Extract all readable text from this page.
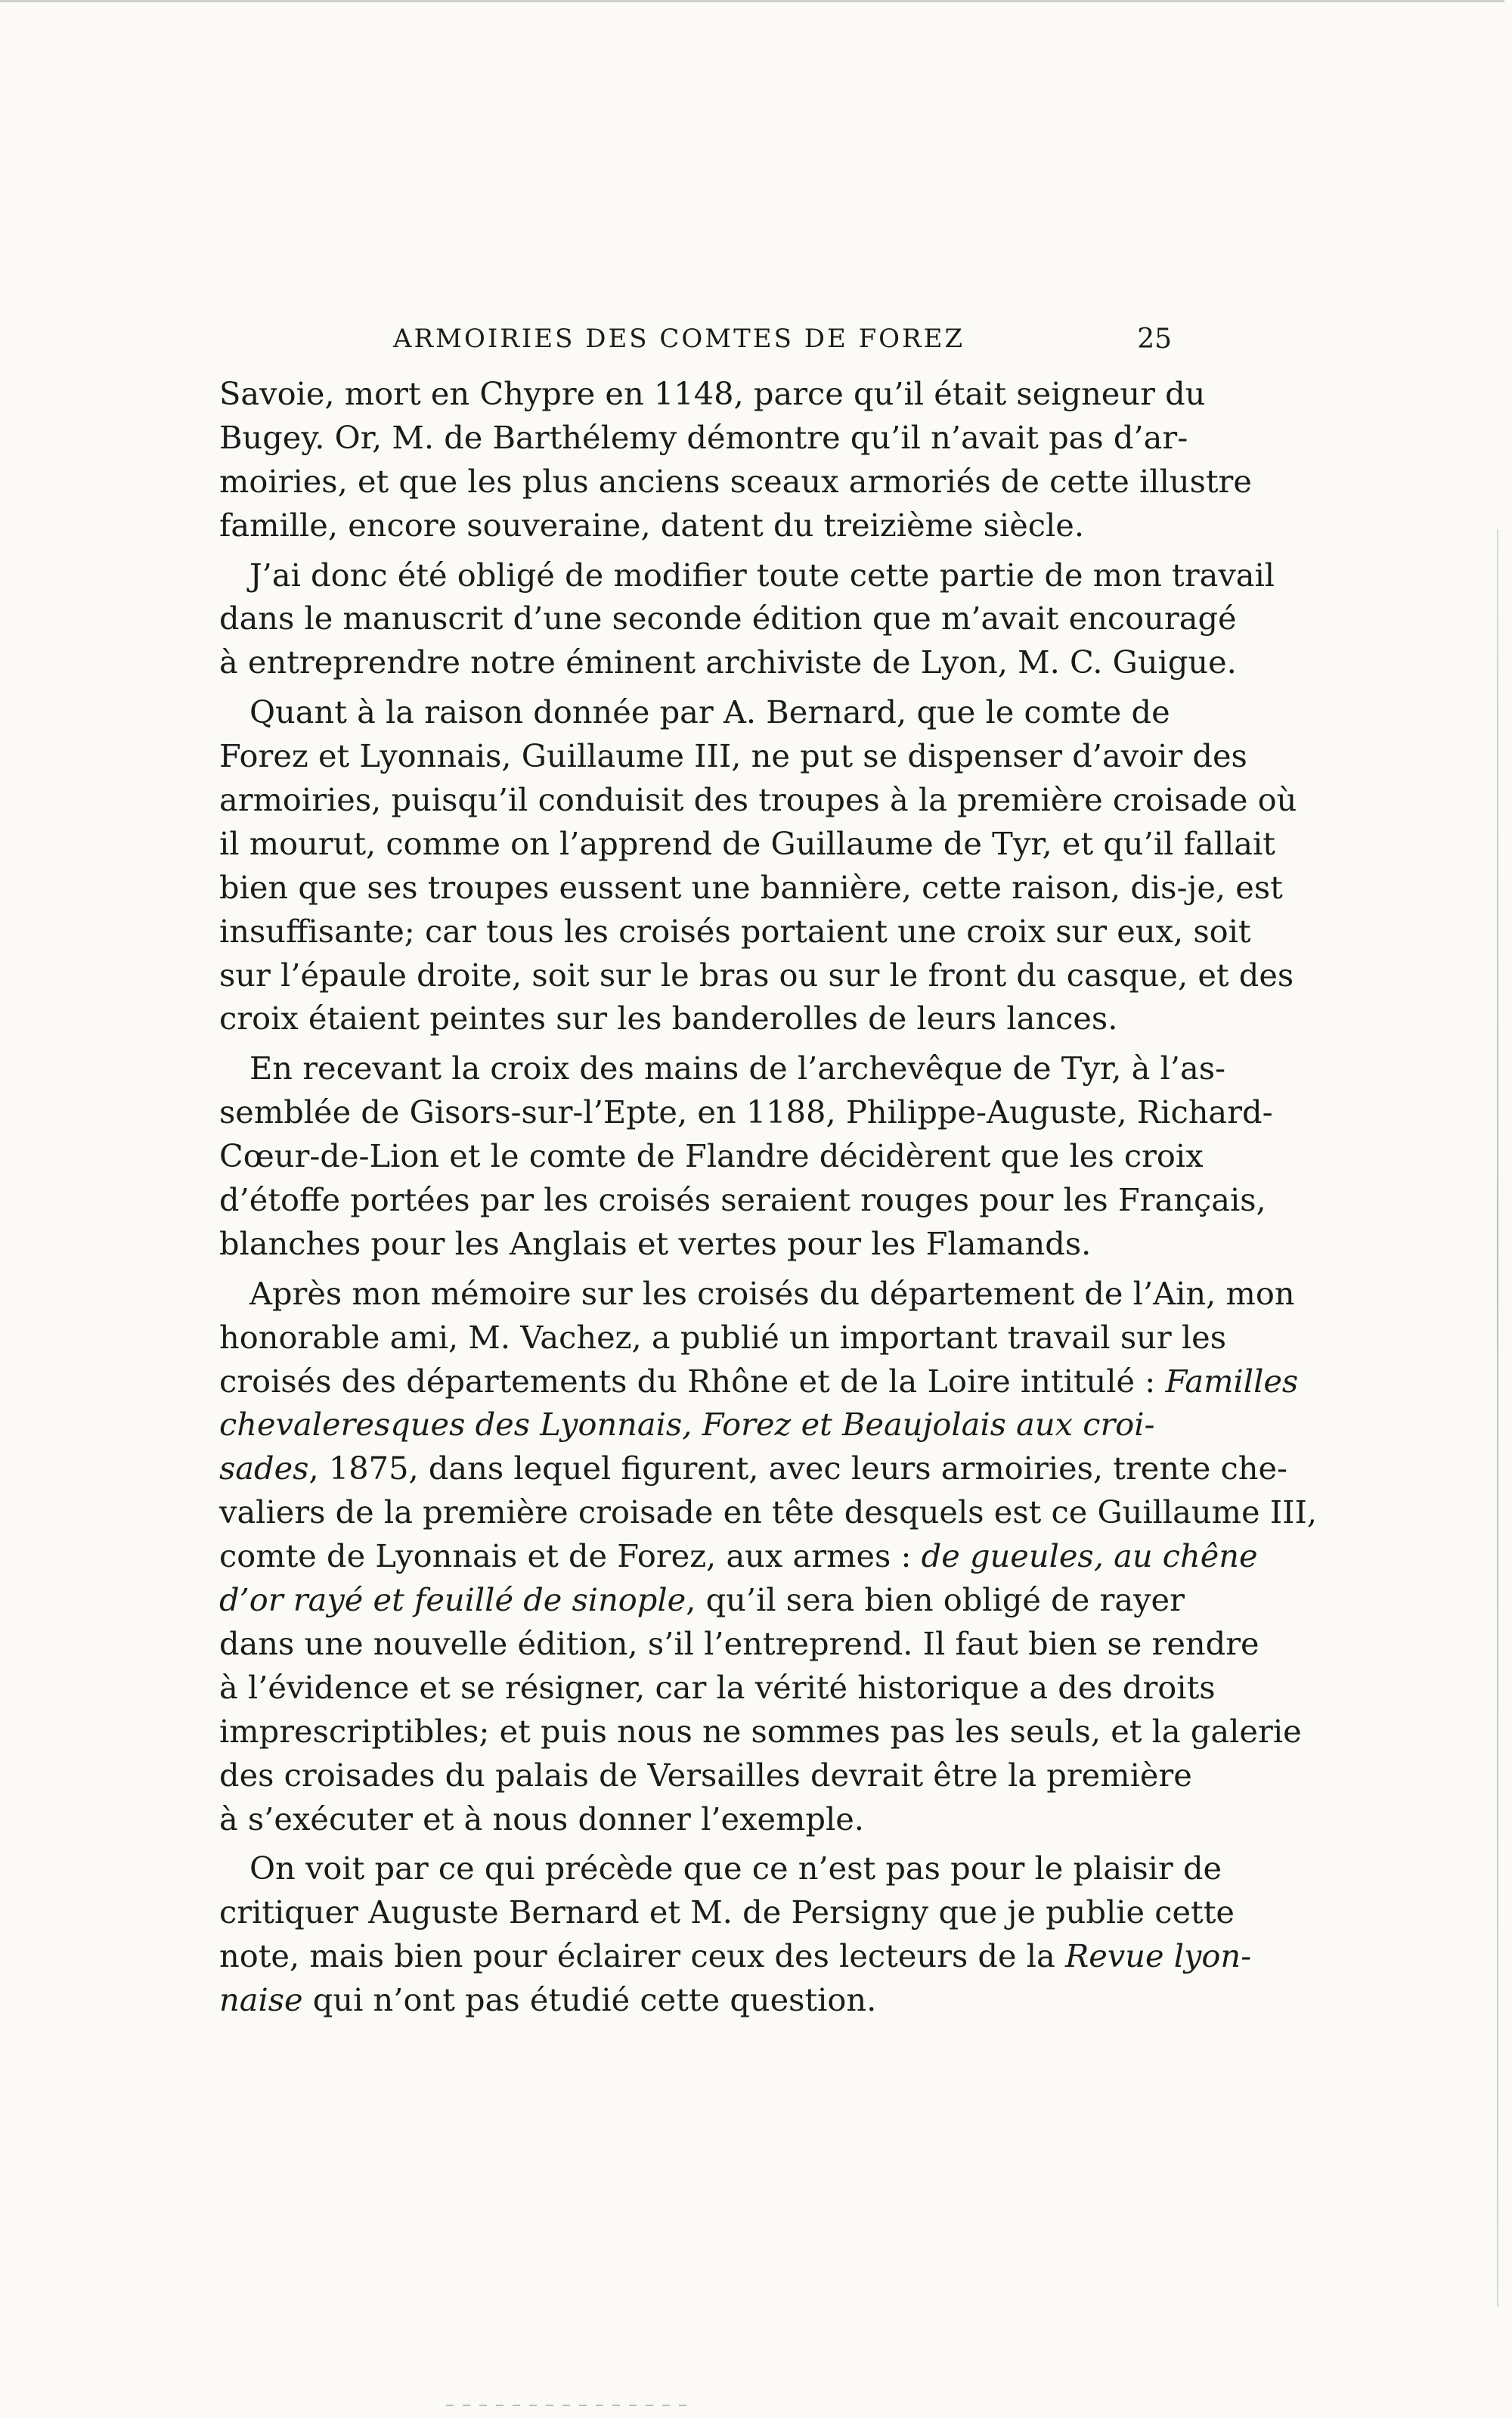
ARMOIRIES DES COMTES DE FOREZ	25
Savoie, mort en Chypre en 1148, parce qu’il était seigneur du
Bugey. Or, M. de Barthélemy démontre qu’il n’avait pas d’ar-
moiries, et que les plus anciens sceaux armoriés de cette illustre
famille, encore souveraine, datent du treizième siècle.
J’ai donc été obligé de modifier toute cette partie de mon travail
dans le manuscrit d’une seconde édition que m’avait encouragé
à entreprendre notre éminent archiviste de Lyon, M. C. Guigue.
Quant à la raison donnée par A. Bernard, que le comte de
Forez et Lyonnais, Guillaume III, ne put se dispenser d’avoir des
armoiries, puisqu’il conduisit des troupes à la première croisade où
il mourut, comme on l’apprend de Guillaume de Tyr, et qu’il fallait
bien que ses troupes eussent une bannière, cette raison, dis-je, est
insuffisante; car tous les croisés portaient une croix sur eux, soit
sur l’épaule droite, soit sur le bras ou sur le front du casque, et des
croix étaient peintes sur les banderolles de leurs lances.
En recevant la croix des mains de l’archevêque de Tyr, à l’as-
semblée de Gisors-sur-l’Epte, en 1188, Philippe-Auguste, Richard-
Cœur-de-Lion et le comte de Flandre décidèrent que les croix
d’étoffe portées par les croisés seraient rouges pour les Français,
blanches pour les Anglais et vertes pour les Flamands.
Après mon mémoire sur les croisés du département de l’Ain, mon
honorable ami, M. Vachez, a publié un important travail sur les
croisés des départements du Rhône et de la Loire intitulé : Familles
chevaleresques des Lyonnais, Forez et Beaujolais aux croi-
sades, 1875, dans lequel figurent, avec leurs armoiries, trente che-
valiers de la première croisade en tête desquels est ce Guillaume III,
comte de Lyonnais et de Forez, aux armes : de gueules, au chêne
d’or rayé et feuillé de sinople, qu’il sera bien obligé de rayer
dans une nouvelle édition, s’il l’entreprend. Il faut bien se rendre
à l’évidence et se résigner, car la vérité historique a des droits
imprescriptibles; et puis nous ne sommes pas les seuls, et la galerie
des croisades du palais de Versailles devrait être la première
à s’exécuter et à nous donner l’exemple.
On voit par ce qui précède que ce n’est pas pour le plaisir de
critiquer Auguste Bernard et M. de Persigny que je publie cette
note, mais bien pour éclairer ceux des lecteurs de la Revue lyon-
naise qui n’ont pas étudié cette question.
